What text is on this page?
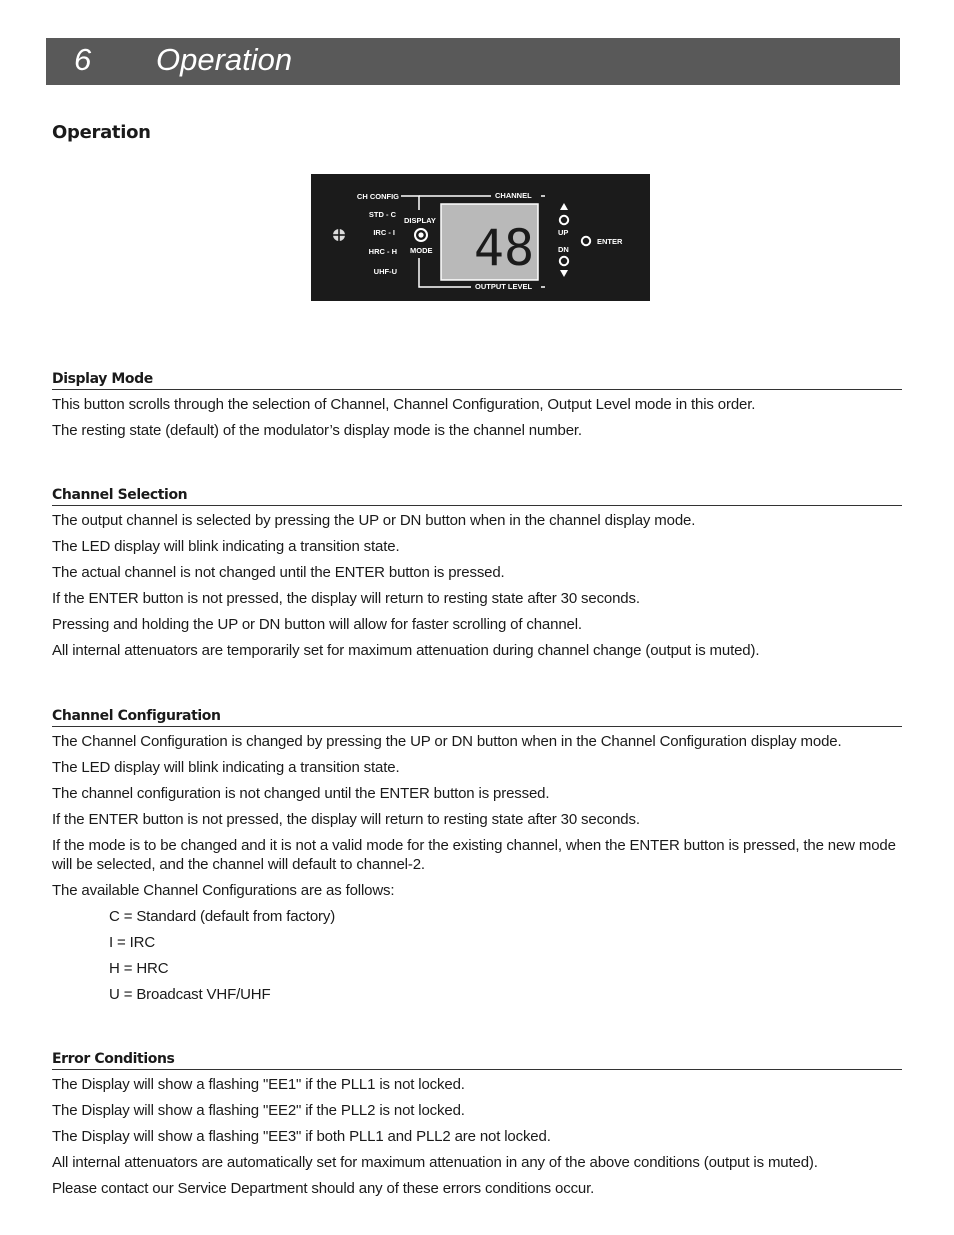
6 Operation
Operation
CH CONFIG
STD - C
IRC - I
HRC - H
UHF-U
DISPLAY
MODE
CHANNEL
OUTPUT LEVEL
48	UP
DN
ENTER
Display Mode
This button scrolls through the selection of Channel, Channel Configuration, Output Level mode in this order.
The resting state (default) of the modulator’s display mode is the channel number.
Channel Selection
The output channel is selected by pressing the UP or DN button when in the channel display mode.
The LED display will blink indicating a transition state.
The actual channel is not changed until the ENTER button is pressed.
If the ENTER button is not pressed, the display will return to resting state after 30 seconds.
Pressing and holding the UP or DN button will allow for faster scrolling of channel.
All internal attenuators are temporarily set for maximum attenuation during channel change (output is muted).
Channel Configuration
The Channel Configuration is changed by pressing the UP or DN button when in the Channel Configuration display mode.
The LED display will blink indicating a transition state.
The channel configuration is not changed until the ENTER button is pressed.
If the ENTER button is not pressed, the display will return to resting state after 30 seconds.
If the mode is to be changed and it is not a valid mode for the existing channel, when the ENTER button is pressed, the new mode will be selected, and the channel will default to channel-2.
The available Channel Configurations are as follows:
C = Standard (default from factory)
I = IRC
H = HRC
U = Broadcast VHF/UHF
Error Conditions
The Display will show a flashing "EE1" if the PLL1 is not locked.
The Display will show a flashing "EE2" if the PLL2 is not locked.
The Display will show a flashing "EE3" if both PLL1 and PLL2 are not locked.
All internal attenuators are automatically set for maximum attenuation in any of the above conditions (output is muted).
Please contact our Service Department should any of these errors conditions occur.
